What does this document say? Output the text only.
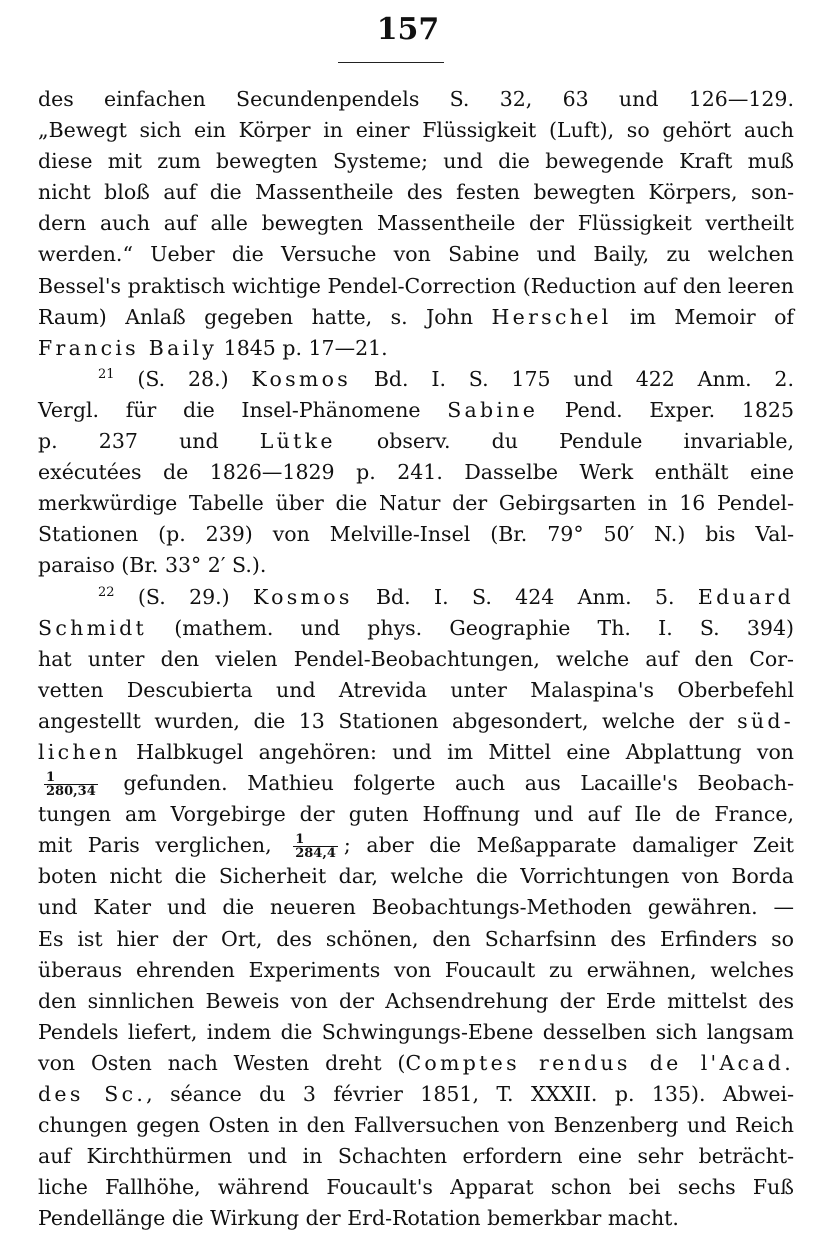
157
des einfachen Secundenpendels S. 32, 63 und 126—129.
„Bewegt sich ein Körper in einer Flüssigkeit (Luft), so gehört auch
diese mit zum bewegten Systeme; und die bewegende Kraft muß
nicht bloß auf die Massentheile des festen bewegten Körpers, son-
dern auch auf alle bewegten Massentheile der Flüssigkeit vertheilt
werden.“ Ueber die Versuche von Sabine und Baily, zu welchen
Bessel's praktisch wichtige Pendel-Correction (Reduction auf den leeren
Raum) Anlaß gegeben hatte, s. John Herschel im Memoir of
Francis Baily 1845 p. 17—21.
$^{21}$ (S. 28.) Kosmos Bd. I. S. 175 und 422 Anm. 2.
Vergl. für die Insel-Phänomene Sabine Pend. Exper. 1825
p. 237 und Lütke observ. du Pendule invariable,
exécutées de 1826—1829 p. 241. Dasselbe Werk enthält eine
merkwürdige Tabelle über die Natur der Gebirgsarten in 16 Pendel-
Stationen (p. 239) von Melville-Insel (Br. 79° 50′ N.) bis Val-
paraiso (Br. 33° 2′ S.).
$^{22}$ (S. 29.) Kosmos Bd. I. S. 424 Anm. 5. Eduard
Schmidt (mathem. und phys. Geographie Th. I. S. 394)
hat unter den vielen Pendel-Beobachtungen, welche auf den Cor-
vetten Descubierta und Atrevida unter Malaspina's Oberbefehl
angestellt wurden, die 13 Stationen abgesondert, welche der süd-
lichen Halbkugel angehören: und im Mittel eine Abplattung von
$\frac{1}{280,34}$ gefunden. Mathieu folgerte auch aus Lacaille's Beobach-
tungen am Vorgebirge der guten Hoffnung und auf Ile de France,
mit Paris verglichen, $\frac{1}{284,4}$ ; aber die Meßapparate damaliger Zeit
boten nicht die Sicherheit dar, welche die Vorrichtungen von Borda
und Kater und die neueren Beobachtungs-Methoden gewähren. —
Es ist hier der Ort, des schönen, den Scharfsinn des Erfinders so
überaus ehrenden Experiments von Foucault zu erwähnen, welches
den sinnlichen Beweis von der Achsendrehung der Erde mittelst des
Pendels liefert, indem die Schwingungs-Ebene desselben sich langsam
von Osten nach Westen dreht (Comptes rendus de l'Acad.
des Sc., séance du 3 février 1851, T. XXXII. p. 135). Abwei-
chungen gegen Osten in den Fallversuchen von Benzenberg und Reich
auf Kirchthürmen und in Schachten erfordern eine sehr beträcht-
liche Fallhöhe, während Foucault's Apparat schon bei sechs Fuß
Pendellänge die Wirkung der Erd-Rotation bemerkbar macht.
